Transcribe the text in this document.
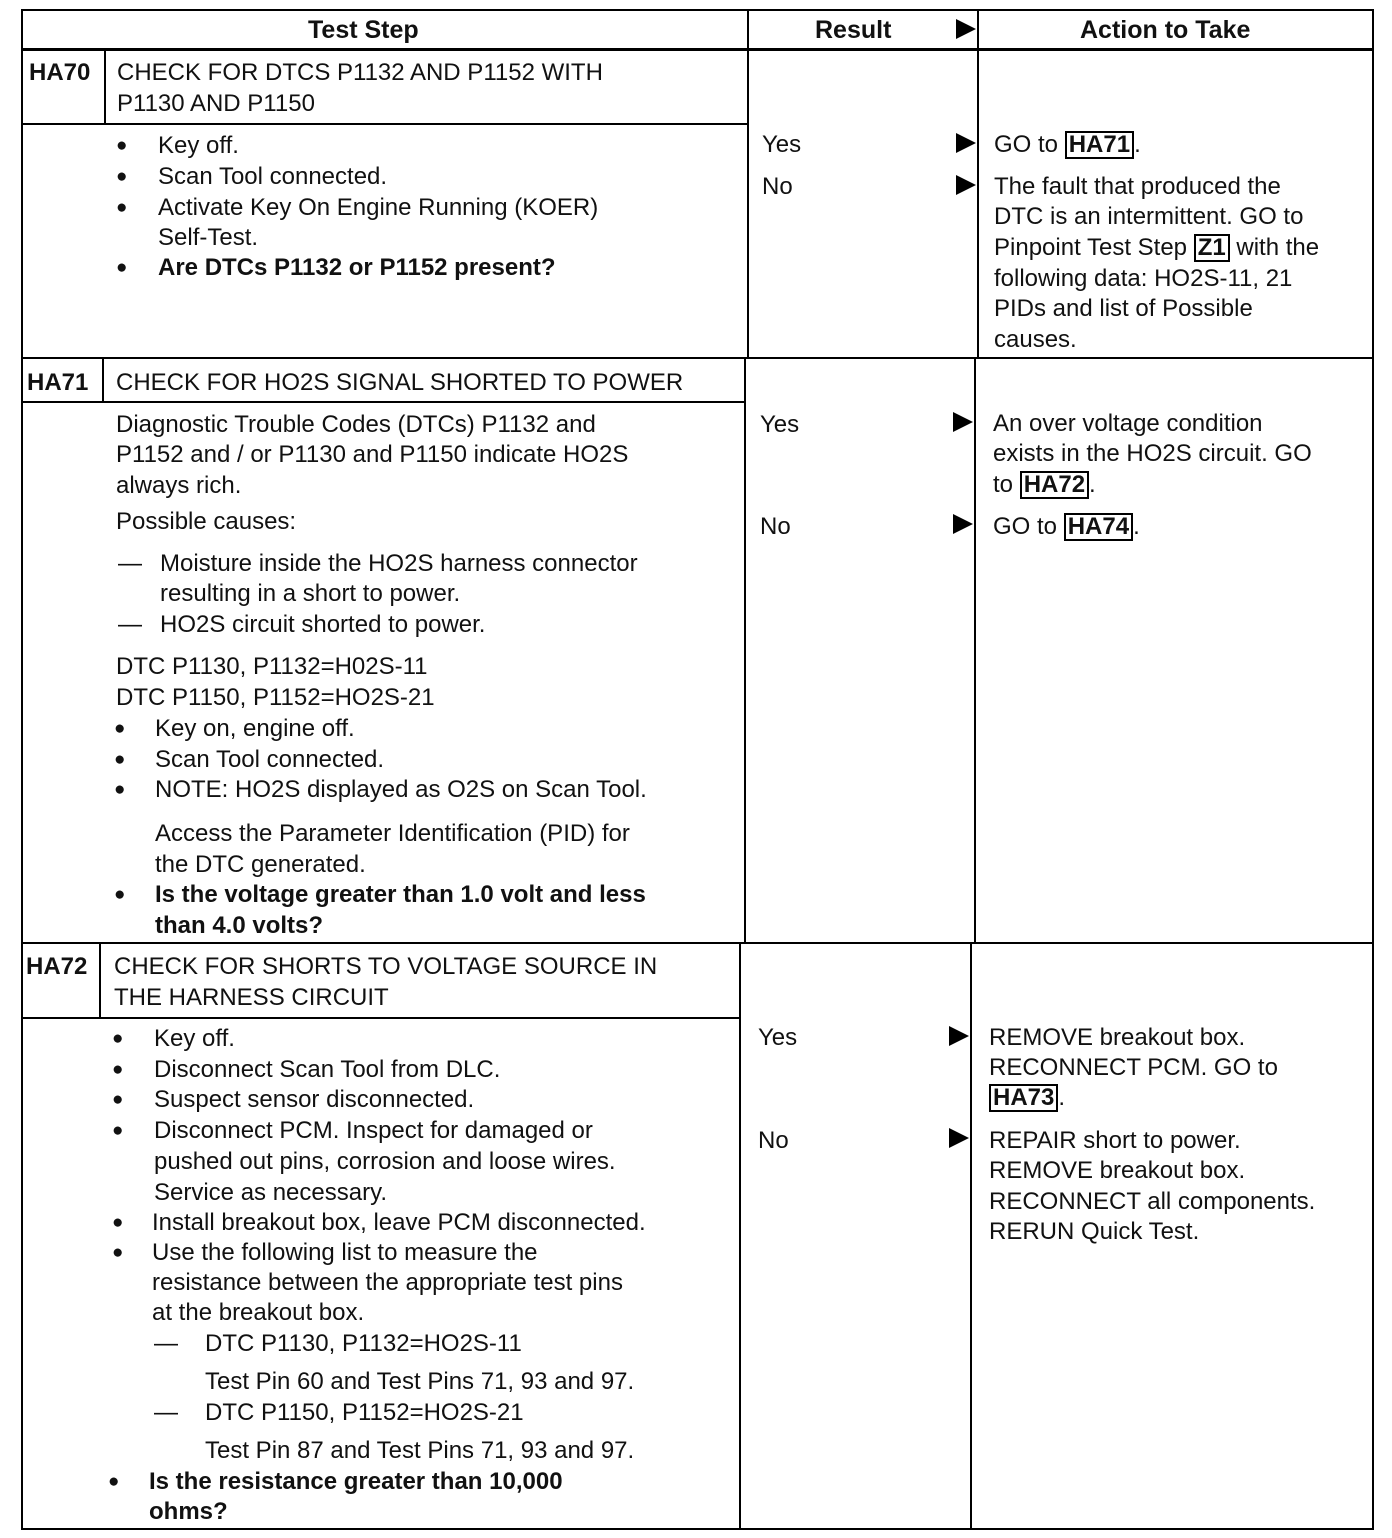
Test Step	Result	Action to Take
HA70 CHECK FOR DTCS P1132 AND P1152 WITH
P1130 AND P1150
●
Key off.
●
Scan Tool connected.
●
Activate Key On Engine Running (KOER)
Self-Test.
●
Are DTCs P1132 or P1152 present?
Yes
No
GO to HA71 .
The fault that produced the
DTC is an intermittent. GO to
Pinpoint Test Step Z1 with the
following data: HO2S-11, 21
PIDs and list of Possible
causes.
HA71 CHECK FOR HO2S SIGNAL SHORTED TO POWER
Diagnostic Trouble Codes (DTCs) P1132 and
P1152 and / or P1130 and P1150 indicate HO2S
always rich.
Possible causes:
— Moisture inside the HO2S harness connector
resulting in a short to power.
— HO2S circuit shorted to power.
DTC P1130, P1132=H02S-11
DTC P1150, P1152=HO2S-21
●
Key on, engine off.
●
Scan Tool connected.
●
NOTE: HO2S displayed as O2S on Scan Tool.
Access the Parameter Identification (PID) for
the DTC generated.
●
Is the voltage greater than 1.0 volt and less
than 4.0 volts?
Yes
No
An over voltage condition
exists in the HO2S circuit. GO
to HA72 .
GO to HA74 .
HA72 CHECK FOR SHORTS TO VOLTAGE SOURCE IN
THE HARNESS CIRCUIT
●
Key off.
●
Disconnect Scan Tool from DLC.
●
Suspect sensor disconnected.
●
Disconnect PCM. Inspect for damaged or
pushed out pins, corrosion and loose wires.
Service as necessary.
●
Install breakout box, leave PCM disconnected.
●
Use the following list to measure the
resistance between the appropriate test pins
at the breakout box.
— DTC P1130, P1132=HO2S-11
Test Pin 60 and Test Pins 71, 93 and 97.
— DTC P1150, P1152=HO2S-21
Test Pin 87 and Test Pins 71, 93 and 97.
●
Is the resistance greater than 10,000
ohms?
Yes
No
REMOVE breakout box.
RECONNECT PCM. GO to
HA73 .
REPAIR short to power.
REMOVE breakout box.
RECONNECT all components.
RERUN Quick Test.
